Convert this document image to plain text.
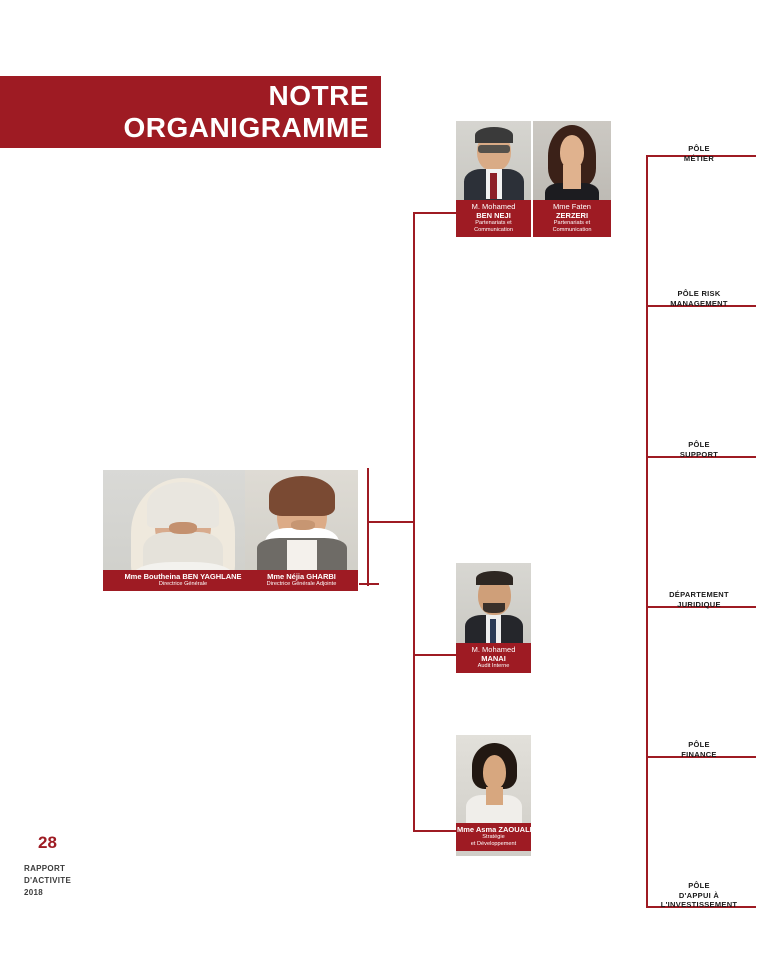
NOTRE
ORGANIGRAMME
Mme Boutheina BEN YAGHLANE
Directrice Générale
Mme Néjia GHARBI
Directrice Générale Adjointe
M. Mohamed
BEN NEJI
Partenariats et Communication
Mme Faten
ZERZERI
Partenariats et Communication
M. Mohamed
MANAI
Audit Interne
Mme Asma ZAOUALI
Stratégie
et Développement
PÔLE
MÉTIER
PÔLE RISK
MANAGEMENT
PÔLE
SUPPORT
DÉPARTEMENT
JURIDIQUE
PÔLE
FINANCE
PÔLE
D'APPUI À
L'INVESTISSEMENT
28
RAPPORT
D'ACTIVITE
2018
